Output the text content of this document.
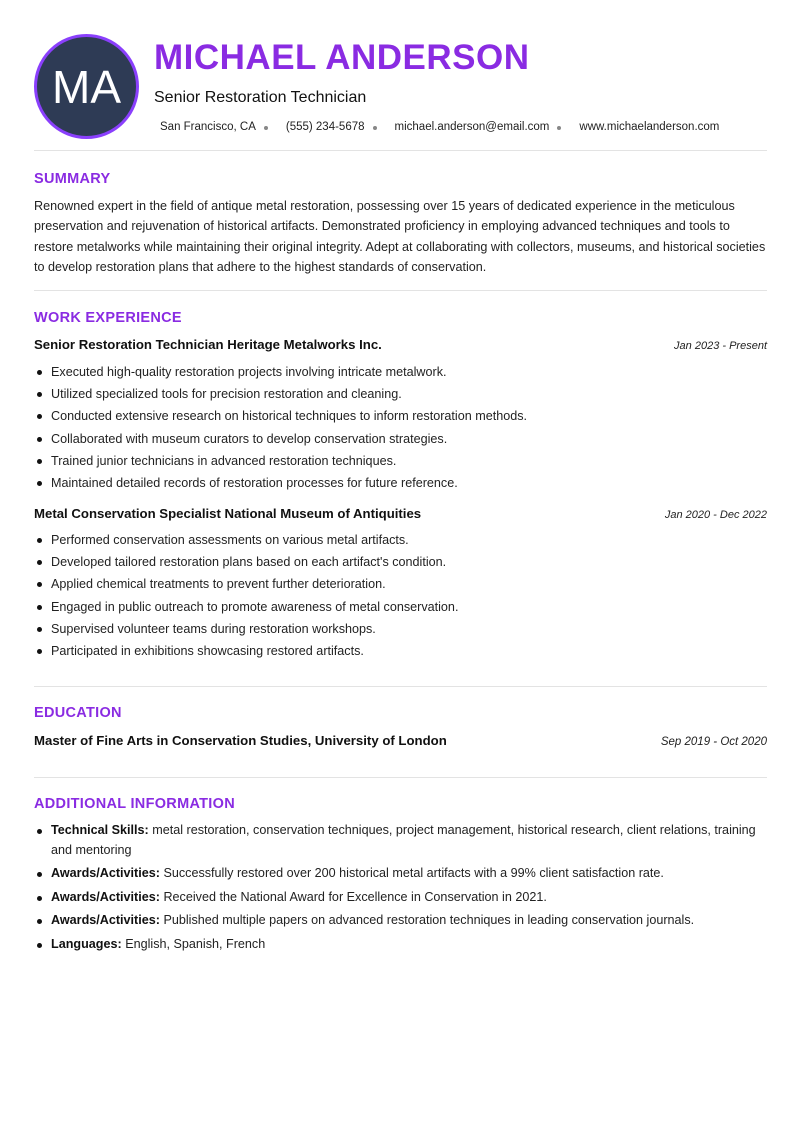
MA
MICHAEL ANDERSON
Senior Restoration Technician
San Francisco, CA	(555) 234-5678	michael.anderson@email.com	www.michaelanderson.com
SUMMARY

Renowned expert in the field of antique metal restoration, possessing over 15 years of dedicated experience in the meticulous preservation and rejuvenation of historical artifacts. Demonstrated proficiency in employing advanced techniques and tools to restore metalworks while maintaining their original integrity. Adept at collaborating with collectors, museums, and historical societies to develop restoration plans that adhere to the highest standards of conservation.

WORK EXPERIENCE
Senior Restoration Technician Heritage Metalworks Inc.	Jan 2023 - Present
Executed high-quality restoration projects involving intricate metalwork.
Utilized specialized tools for precision restoration and cleaning.
Conducted extensive research on historical techniques to inform restoration methods.
Collaborated with museum curators to develop conservation strategies.
Trained junior technicians in advanced restoration techniques.
Maintained detailed records of restoration processes for future reference.
Metal Conservation Specialist National Museum of Antiquities	Jan 2020 - Dec 2022
Performed conservation assessments on various metal artifacts.
Developed tailored restoration plans based on each artifact's condition.
Applied chemical treatments to prevent further deterioration.
Engaged in public outreach to promote awareness of metal conservation.
Supervised volunteer teams during restoration workshops.
Participated in exhibitions showcasing restored artifacts.
EDUCATION
Master of Fine Arts in Conservation Studies, University of London	Sep 2019 - Oct 2020
ADDITIONAL INFORMATION
Technical Skills: metal restoration, conservation techniques, project management, historical research, client relations, training and mentoring
Awards/Activities: Successfully restored over 200 historical metal artifacts with a 99% client satisfaction rate.
Awards/Activities: Received the National Award for Excellence in Conservation in 2021.
Awards/Activities: Published multiple papers on advanced restoration techniques in leading conservation journals.
Languages: English, Spanish, French
